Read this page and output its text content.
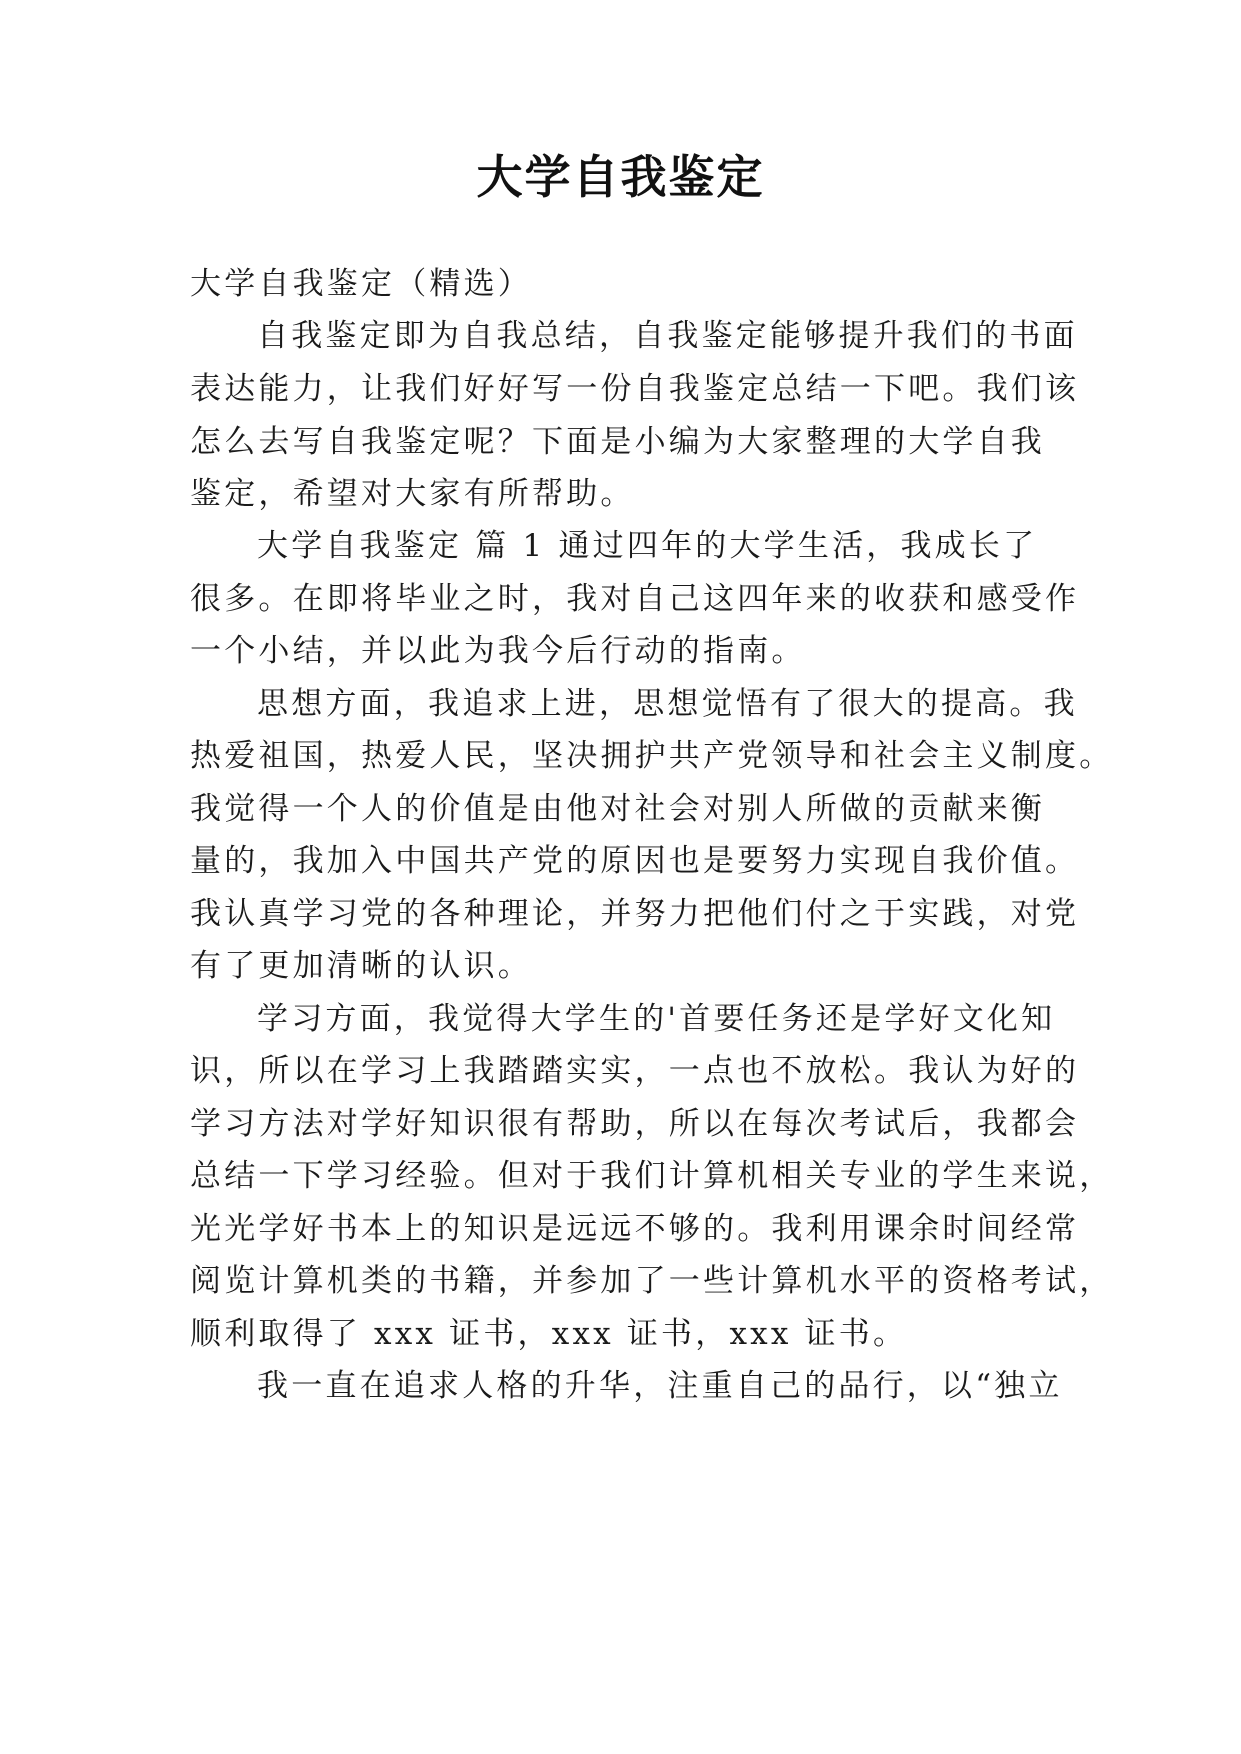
大学自我鉴定
大学自我鉴定（精选）
自我鉴定即为自我总结，自我鉴定能够提升我们的书面
表达能力，让我们好好写一份自我鉴定总结一下吧。我们该
怎么去写自我鉴定呢？下面是小编为大家整理的大学自我
鉴定，希望对大家有所帮助。
大学自我鉴定 篇 1 通过四年的大学生活，我成长了
很多。在即将毕业之时，我对自己这四年来的收获和感受作
一个小结，并以此为我今后行动的指南。
思想方面，我追求上进，思想觉悟有了很大的提高。我
热爱祖国，热爱人民，坚决拥护共产党领导和社会主义制度。
我觉得一个人的价值是由他对社会对别人所做的贡献来衡
量的，我加入中国共产党的原因也是要努力实现自我价值。
我认真学习党的各种理论，并努力把他们付之于实践，对党
有了更加清晰的认识。
学习方面，我觉得大学生的'首要任务还是学好文化知
识，所以在学习上我踏踏实实，一点也不放松。我认为好的
学习方法对学好知识很有帮助，所以在每次考试后，我都会
总结一下学习经验。但对于我们计算机相关专业的学生来说，
光光学好书本上的知识是远远不够的。我利用课余时间经常
阅览计算机类的书籍，并参加了一些计算机水平的资格考试，
顺利取得了 xxx 证书，xxx 证书，xxx 证书。
我一直在追求人格的升华，注重自己的品行，以“独立
